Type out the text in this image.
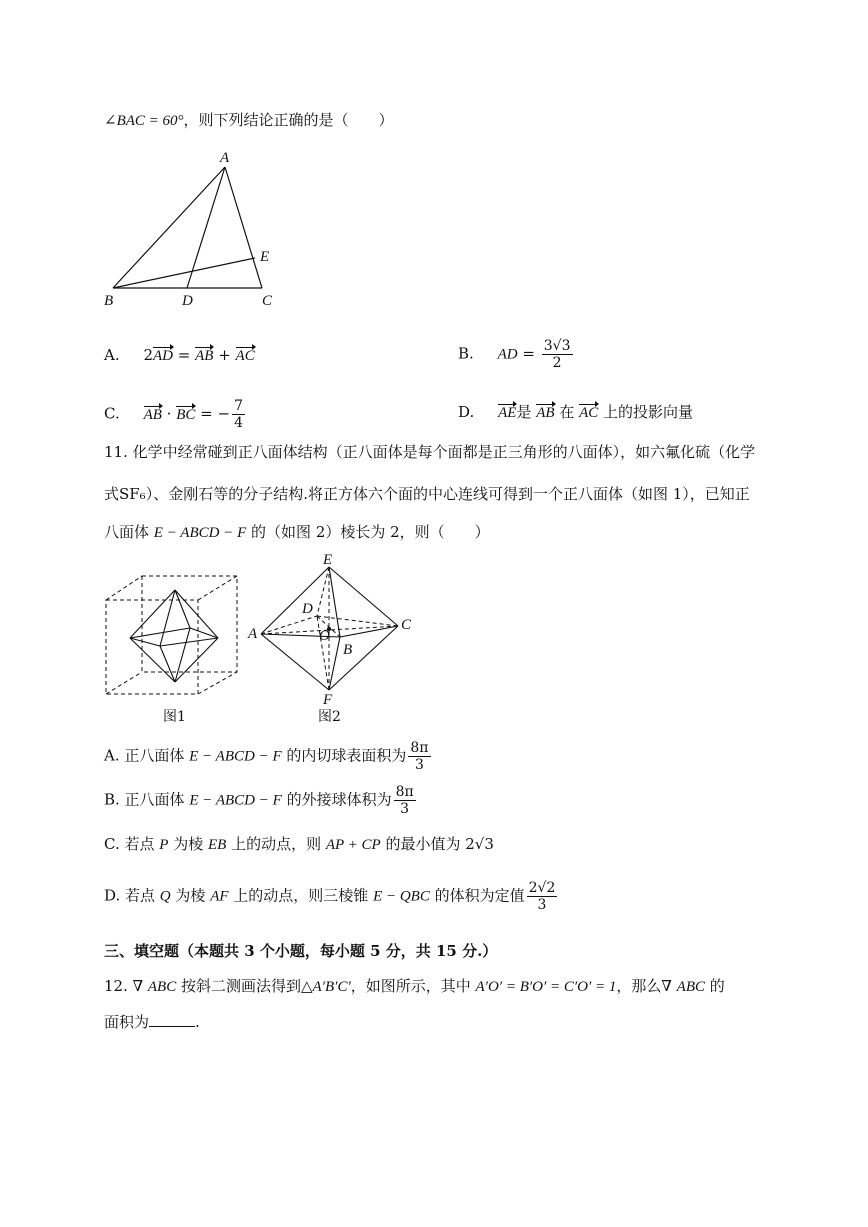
∠BAC = 60°，则下列结论正确的是（　　）
A
B	C
D
E
A. 2AD = AB + AC	B. AD = $\frac{3√3}{2}$
C. AB · BC = − $\frac{7}{4}$	D. AE是 AB 在 AC 上的投影向量
11. 化学中经常碰到正八面体结构（正八面体是每个面都是正三角形的八面体），如六氟化硫（化学
式SF₆）、金刚石等的分子结构.将正方体六个面的中心连线可得到一个正八面体（如图 1），已知正
八面体 E − ABCD − F 的（如图 2）棱长为 2，则（　　）
图1
E
D
O
A
B
C
F
图2
A. 正八面体 E − ABCD − F 的内切球表面积为 $\frac{8\pi}{3}$
B. 正八面体 E − ABCD − F 的外接球体积为 $\frac{8\pi}{3}$
C. 若点 P 为棱 EB 上的动点，则 AP + CP 的最小值为 2√3
D. 若点 Q 为棱 AF 上的动点，则三棱锥 E − QBC 的体积为定值 $\frac{2√2}{3}$
三、填空题（本题共 3 个小题，每小题 5 分，共 15 分.）
12. ∇ ABC 按斜二测画法得到△A′B′C′，如图所示，其中 A′O′ = B′O′ = C′O′ = 1，那么∇ ABC 的
面积为	.
